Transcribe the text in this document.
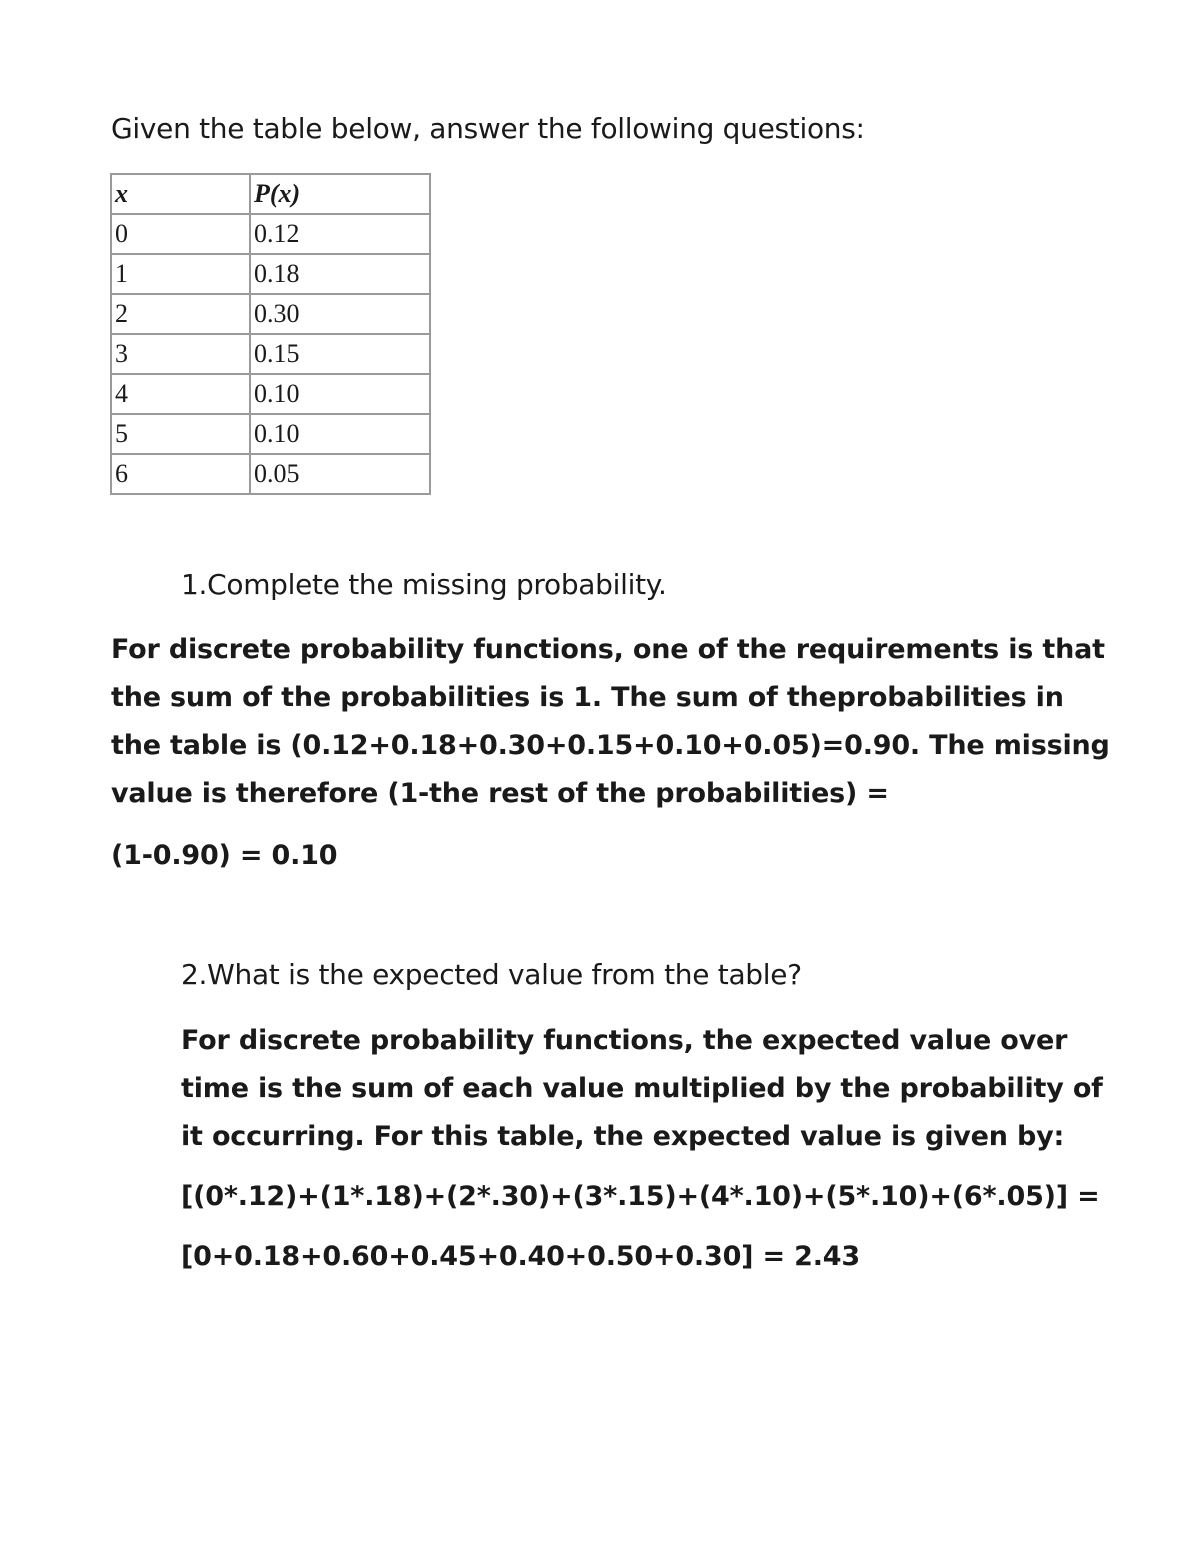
Given the table below, answer the following questions:
x	P(x)
0	0.12
1	0.18
2	0.30
3	0.15
4	0.10
5	0.10
6	0.05
1.Complete the missing probability.

For discrete probability functions, one of the requirements is that

the sum of the probabilities is 1. The sum of theprobabilities in

the table is (0.12+0.18+0.30+0.15+0.10+0.05)=0.90. The missing

value is therefore (1-the rest of the probabilities) =

(1-0.90) = 0.10

2.What is the expected value from the table?

For discrete probability functions, the expected value over

time is the sum of each value multiplied by the probability of

it occurring. For this table, the expected value is given by:

[(0*.12)+(1*.18)+(2*.30)+(3*.15)+(4*.10)+(5*.10)+(6*.05)] =

[0+0.18+0.60+0.45+0.40+0.50+0.30] = 2.43
